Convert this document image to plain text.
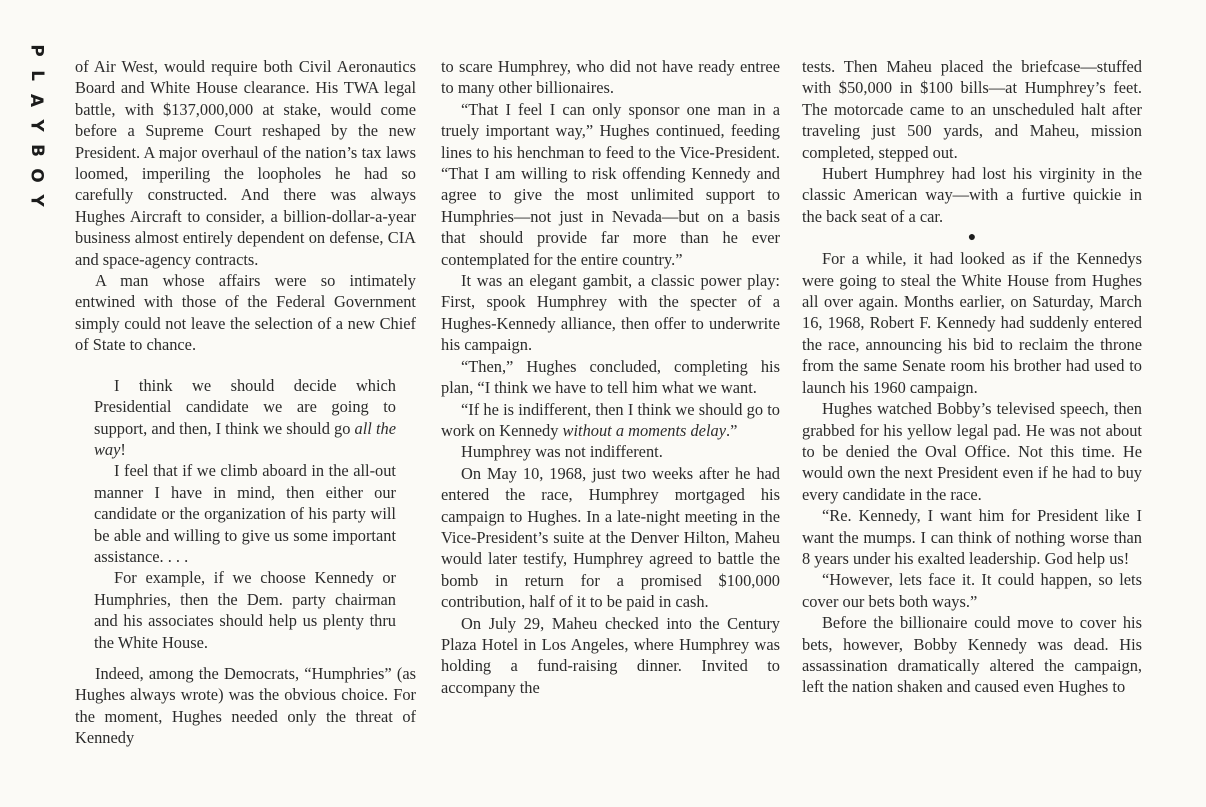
P
L
A
Y
B
O
Y

of Air West, would require both Civil Aeronautics Board and White House clearance. His TWA legal battle, with $137,000,000 at stake, would come before a Supreme Court reshaped by the new President. A major overhaul of the nation’s tax laws loomed, imperiling the loopholes he had so carefully constructed. And there was always Hughes Aircraft to consider, a billion-dollar-a-year business almost entirely dependent on defense, CIA and space-agency contracts.

A man whose affairs were so intimately entwined with those of the Federal Government simply could not leave the selection of a new Chief of State to chance.

I think we should decide which Presidential candidate we are going to support, and then, I think we should go all the way!

I feel that if we climb aboard in the all-out manner I have in mind, then either our candidate or the organization of his party will be able and willing to give us some important assistance. . . .

For example, if we choose Kennedy or Humphries, then the Dem. party chairman and his associates should help us plenty thru the White House.

Indeed, among the Democrats, “Humphries” (as Hughes always wrote) was the obvious choice. For the moment, Hughes needed only the threat of Kennedy

to scare Humphrey, who did not have ready entree to many other billionaires.

“That I feel I can only sponsor one man in a truely important way,” Hughes continued, feeding lines to his henchman to feed to the Vice-President. “That I am willing to risk offending Kennedy and agree to give the most unlimited support to Humphries—not just in Nevada—but on a basis that should provide far more than he ever contemplated for the entire country.”

It was an elegant gambit, a classic power play: First, spook Humphrey with the specter of a Hughes-Kennedy alliance, then offer to underwrite his campaign.

“Then,” Hughes concluded, completing his plan, “I think we have to tell him what we want.

“If he is indifferent, then I think we should go to work on Kennedy without a moments delay.”

Humphrey was not indifferent.

On May 10, 1968, just two weeks after he had entered the race, Humphrey mortgaged his campaign to Hughes. In a late-night meeting in the Vice-President’s suite at the Denver Hilton, Maheu would later testify, Humphrey agreed to battle the bomb in return for a promised $100,000 contribution, half of it to be paid in cash.

On July 29, Maheu checked into the Century Plaza Hotel in Los Angeles, where Humphrey was holding a fund-raising dinner. Invited to accompany the

tests. Then Maheu placed the briefcase—stuffed with $50,000 in $100 bills—at Humphrey’s feet. The motorcade came to an unscheduled halt after traveling just 500 yards, and Maheu, mission completed, stepped out.

Hubert Humphrey had lost his virginity in the classic American way—with a furtive quickie in the back seat of a car.

●

For a while, it had looked as if the Kennedys were going to steal the White House from Hughes all over again. Months earlier, on Saturday, March 16, 1968, Robert F. Kennedy had suddenly entered the race, announcing his bid to reclaim the throne from the same Senate room his brother had used to launch his 1960 campaign.

Hughes watched Bobby’s televised speech, then grabbed for his yellow legal pad. He was not about to be denied the Oval Office. Not this time. He would own the next President even if he had to buy every candidate in the race.

“Re. Kennedy, I want him for President like I want the mumps. I can think of nothing worse than 8 years under his exalted leadership. God help us!

“However, lets face it. It could happen, so lets cover our bets both ways.”

Before the billionaire could move to cover his bets, however, Bobby Kennedy was dead. His assassination dramatically altered the campaign, left the nation shaken and caused even Hughes to
